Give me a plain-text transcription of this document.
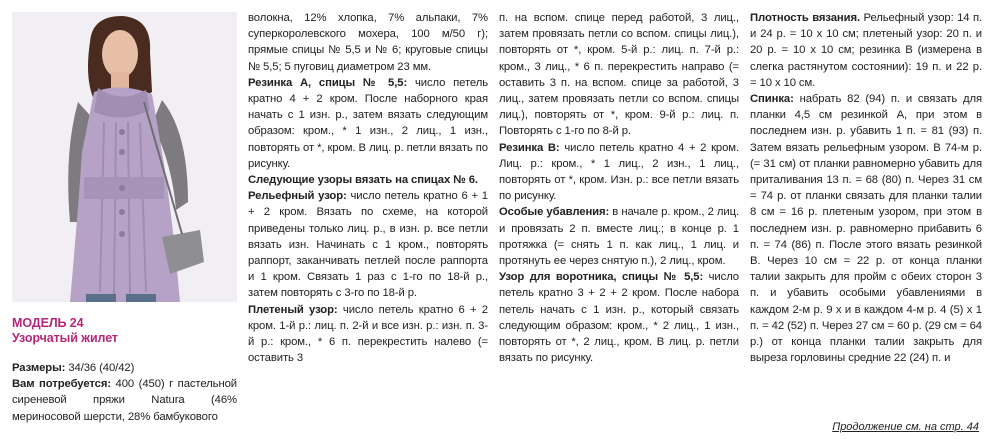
МОДЕЛЬ 24
Узорчатый жилет

Размеры: 34/36 (40/42)

Вам потребуется: 400 (450) г пастельной сиреневой пряжи Natura (46% мериносовой шерсти, 28% бамбукового

волокна, 12% хлопка, 7% альпаки, 7% суперкоролевского мохера, 100 м/50 г); прямые спицы № 5,5 и № 6; круговые спицы № 5,5; 5 пуговиц диаметром 23 мм.

Резинка А, спицы № 5,5: число петель кратно 4 + 2 кром. После наборного края начать с 1 изн. р., затем вязать следующим образом: кром., * 1 изн., 2 лиц., 1 изн., повторять от *, кром. В лиц. р. петли вязать по рисунку.

Следующие узоры вязать на спицах № 6.

Рельефный узор: число петель кратно 6 + 1 + 2 кром. Вязать по схеме, на которой приведены только лиц. р., в изн. р. все петли вязать изн. Начинать с 1 кром., повторять раппорт, заканчивать петлей после раппорта и 1 кром. Связать 1 раз с 1-го по 18-й р., затем повторять с 3-го по 18-й р.

Плетеный узор: число петель кратно 6 + 2 кром. 1-й р.: лиц. п. 2-й и все изн. р.: изн. п. 3-й р.: кром., * 6 п. перекрестить налево (= оставить 3

п. на вспом. спице перед работой, 3 лиц., затем провязать петли со вспом. спицы лиц.), повторять от *, кром. 5-й р.: лиц. п. 7-й р.: кром., 3 лиц., * 6 п. перекрестить направо (= оставить 3 п. на вспом. спице за работой, 3 лиц., затем провязать петли со вспом. спицы лиц.), повторять от *, кром. 9-й р.: лиц. п. Повторять с 1-го по 8-й р.

Резинка В: число петель кратно 4 + 2 кром. Лиц. р.: кром., * 1 лиц., 2 изн., 1 лиц., повторять от *, кром. Изн. р.: все петли вязать по рисунку.

Особые убавления: в начале р. кром., 2 лиц. и провязать 2 п. вместе лиц.; в конце р. 1 протяжка (= снять 1 п. как лиц., 1 лиц. и протянуть ее через снятую п.), 2 лиц., кром.

Узор для воротника, спицы № 5,5: число петель кратно 3 + 2 + 2 кром. После набора петель начать с 1 изн. р., который связать следующим образом: кром., * 2 лиц., 1 изн., повторять от *, 2 лиц., кром. В лиц. р. петли вязать по рисунку.

Плотность вязания. Рельефный узор: 14 п. и 24 р. = 10 x 10 см; плетеный узор: 20 п. и 20 р. = 10 x 10 см; резинка В (измерена в слегка растянутом состоянии): 19 п. и 22 р. = 10 x 10 см.

Спинка: набрать 82 (94) п. и связать для планки 4,5 см резинкой А, при этом в последнем изн. р. убавить 1 п. = 81 (93) п. Затем вязать рельефным узором. В 74-м р. (= 31 см) от планки равномерно убавить для приталивания 13 п. = 68 (80) п. Через 31 см = 74 р. от планки связать для планки талии 8 см = 16 р. плетеным узором, при этом в последнем изн. р. равномерно прибавить 6 п. = 74 (86) п. После этого вязать резинкой В. Через 10 см = 22 р. от конца планки талии закрыть для пройм с обеих сторон 3 п. и убавить особыми убавлениями в каждом 2-м р. 9 x и в каждом 4-м р. 4 (5) x 1 п. = 42 (52) п. Через 27 см = 60 р. (29 см = 64 р.) от конца планки талии закрыть для выреза горловины средние 22 (24) п. и

Продолжение см. на стр. 44
